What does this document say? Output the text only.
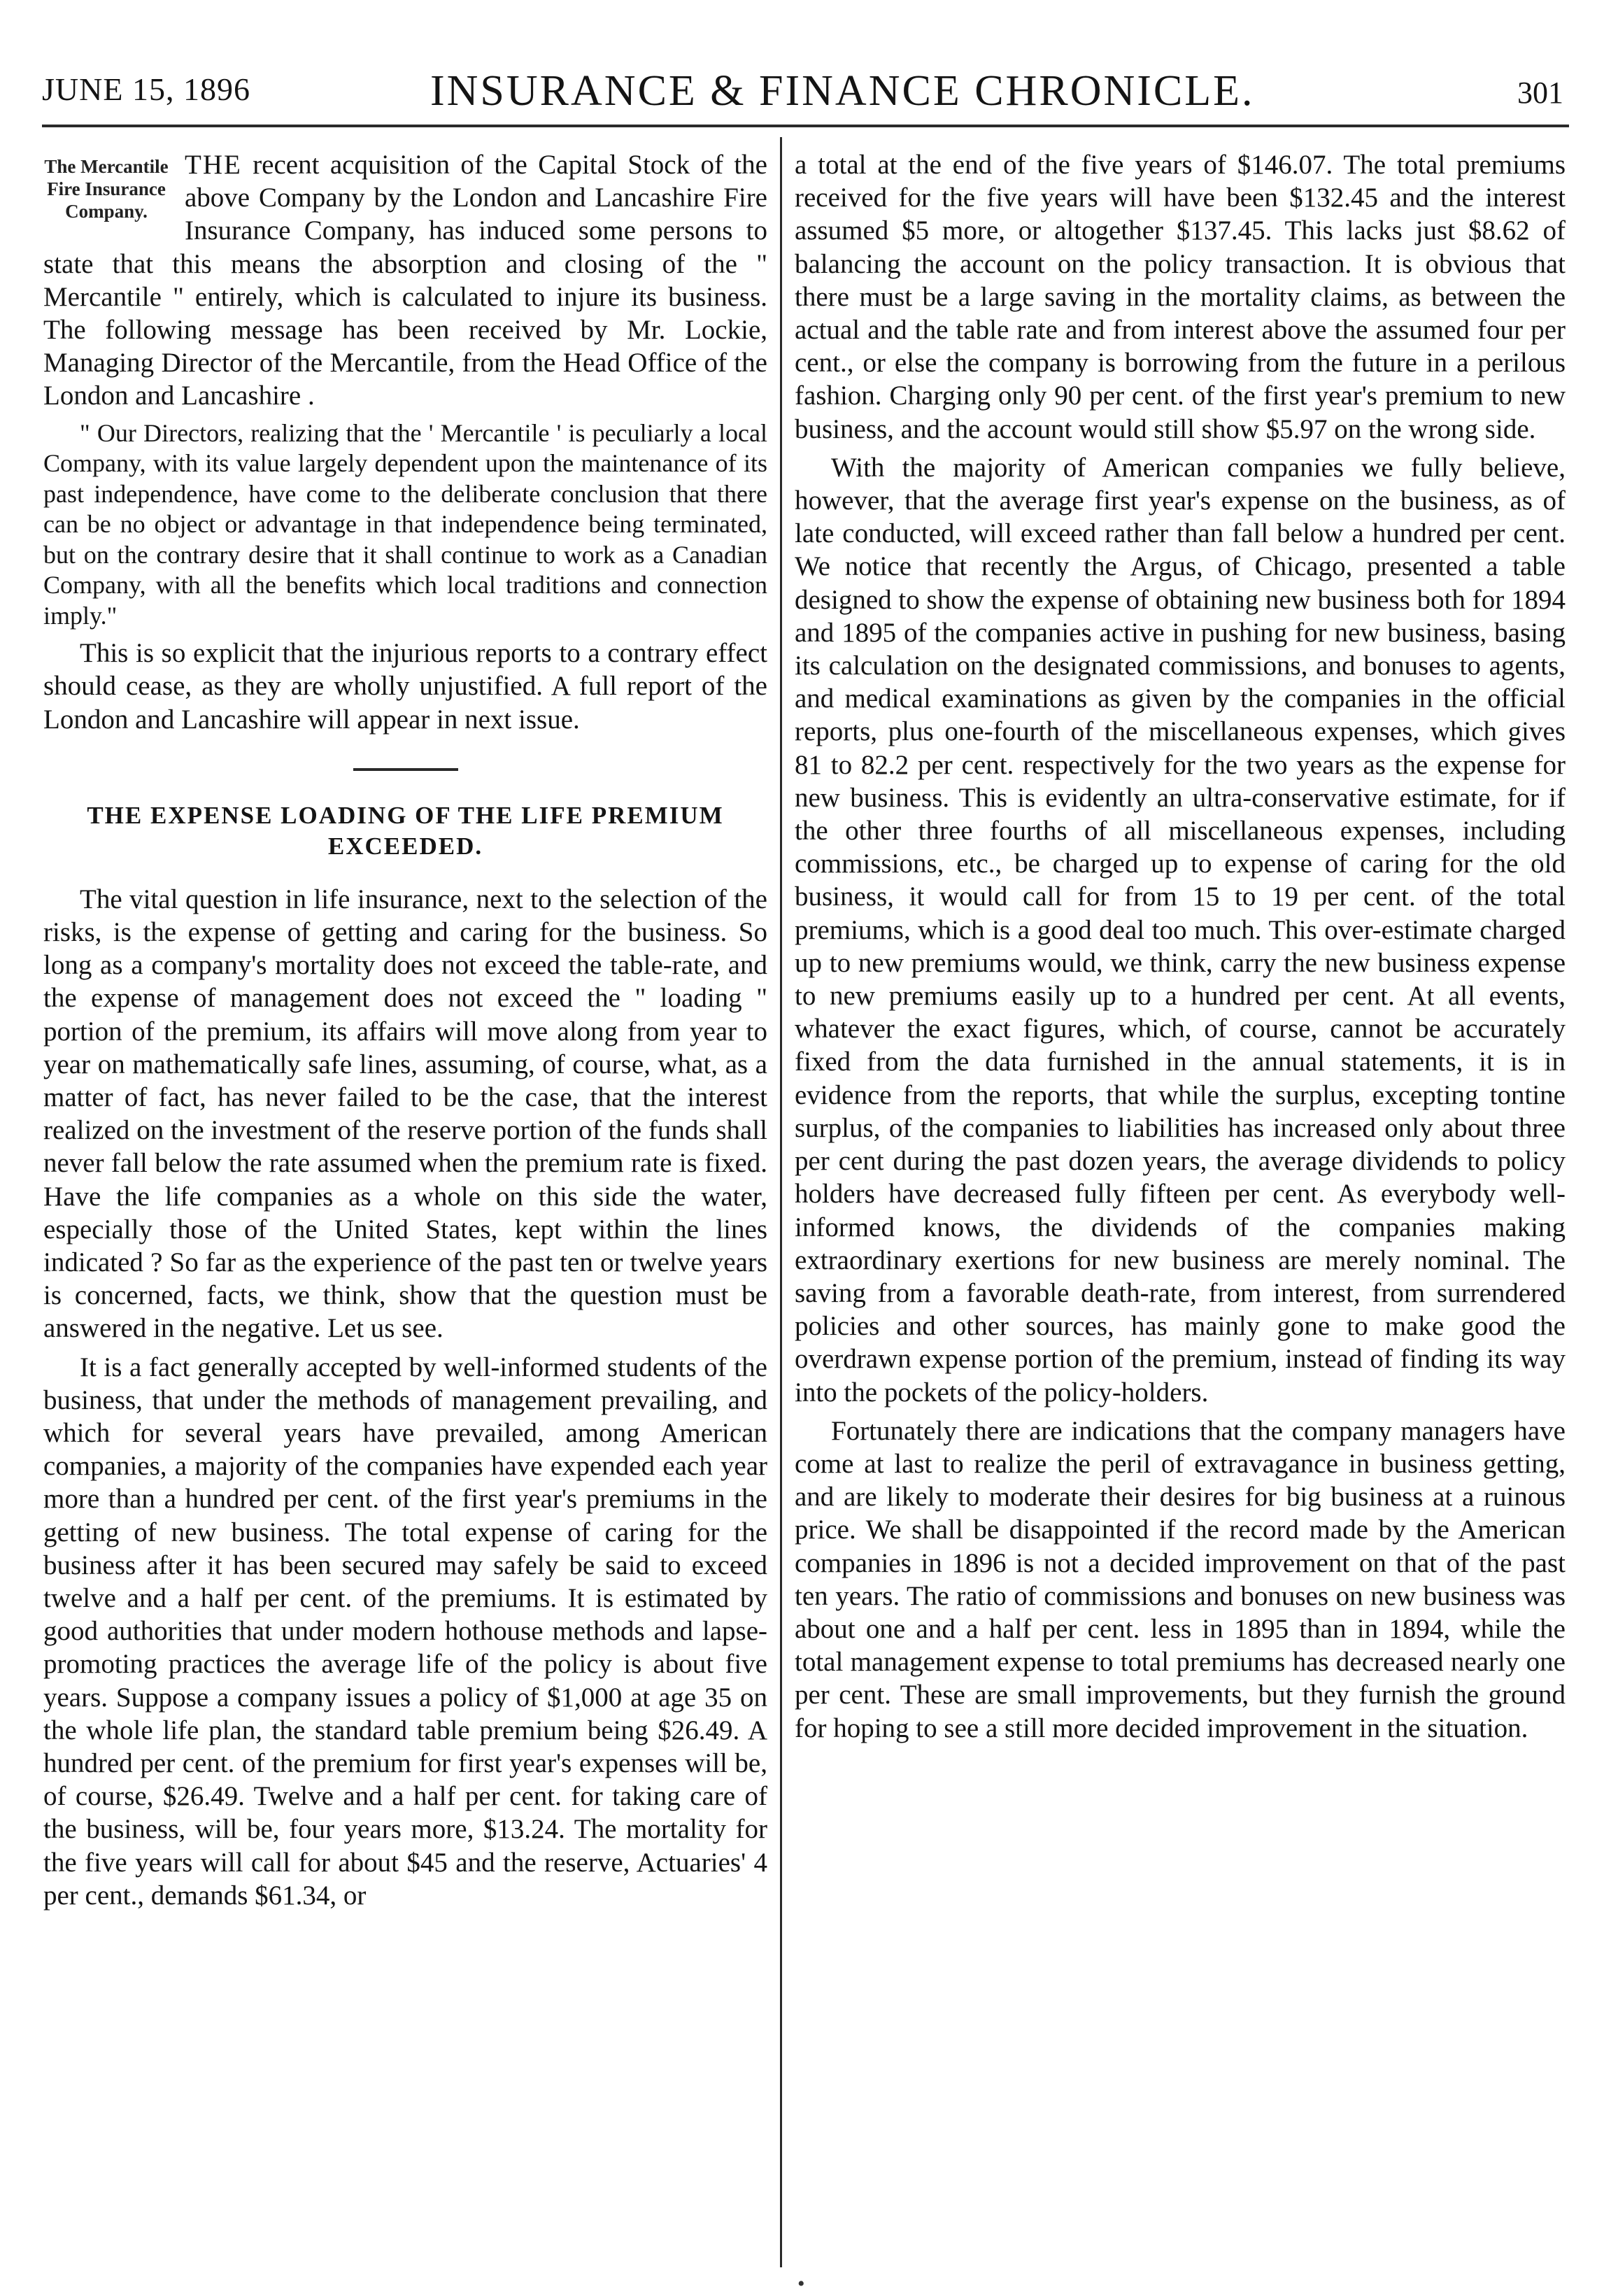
JUNE 15, 1896	INSURANCE & FINANCE CHRONICLE.	301
The Mercantile Fire Insurance Company.

THE recent acquisition of the Capital Stock of the above Company by the London and Lancashire Fire Insurance Company, has induced some persons to state that this means the absorption and closing of the " Mercantile " entirely, which is calculated to injure its business. The following message has been received by Mr. Lockie, Managing Director of the Mercantile, from the Head Office of the London and Lancashire .

" Our Directors, realizing that the ' Mercantile ' is peculiarly a local Company, with its value largely dependent upon the maintenance of its past independence, have come to the deliberate conclusion that there can be no object or advantage in that independence being terminated, but on the contrary desire that it shall continue to work as a Canadian Company, with all the benefits which local traditions and connection imply."

This is so explicit that the injurious reports to a contrary effect should cease, as they are wholly unjustified. A full report of the London and Lancashire will appear in next issue.

THE EXPENSE LOADING OF THE LIFE PREMIUM EXCEEDED.

The vital question in life insurance, next to the selection of the risks, is the expense of getting and caring for the business. So long as a company's mortality does not exceed the table-rate, and the expense of management does not exceed the " loading " portion of the premium, its affairs will move along from year to year on mathematically safe lines, assuming, of course, what, as a matter of fact, has never failed to be the case, that the interest realized on the investment of the reserve portion of the funds shall never fall below the rate assumed when the premium rate is fixed. Have the life companies as a whole on this side the water, especially those of the United States, kept within the lines indicated ? So far as the experience of the past ten or twelve years is concerned, facts, we think, show that the question must be answered in the negative. Let us see.

It is a fact generally accepted by well-informed students of the business, that under the methods of management prevailing, and which for several years have prevailed, among American companies, a majority of the companies have expended each year more than a hundred per cent. of the first year's premiums in the getting of new business. The total expense of caring for the business after it has been secured may safely be said to exceed twelve and a half per cent. of the premiums. It is estimated by good authorities that under modern hothouse methods and lapse-promoting practices the average life of the policy is about five years. Suppose a company issues a policy of $1,000 at age 35 on the whole life plan, the standard table premium being $26.49. A hundred per cent. of the premium for first year's expenses will be, of course, $26.49. Twelve and a half per cent. for taking care of the business, will be, four years more, $13.24. The mortality for the five years will call for about $45 and the reserve, Actuaries' 4 per cent., demands $61.34, or

a total at the end of the five years of $146.07. The total premiums received for the five years will have been $132.45 and the interest assumed $5 more, or altogether $137.45. This lacks just $8.62 of balancing the account on the policy transaction. It is obvious that there must be a large saving in the mortality claims, as between the actual and the table rate and from interest above the assumed four per cent., or else the company is borrowing from the future in a perilous fashion. Charging only 90 per cent. of the first year's premium to new business, and the account would still show $5.97 on the wrong side.

With the majority of American companies we fully believe, however, that the average first year's expense on the business, as of late conducted, will exceed rather than fall below a hundred per cent. We notice that recently the Argus, of Chicago, presented a table designed to show the expense of obtaining new business both for 1894 and 1895 of the companies active in pushing for new business, basing its calculation on the designated commissions, and bonuses to agents, and medical examinations as given by the companies in the official reports, plus one-fourth of the miscellaneous expenses, which gives 81 to 82.2 per cent. respectively for the two years as the expense for new business. This is evidently an ultra-conservative estimate, for if the other three fourths of all miscellaneous expenses, including commissions, etc., be charged up to expense of caring for the old business, it would call for from 15 to 19 per cent. of the total premiums, which is a good deal too much. This over-estimate charged up to new premiums would, we think, carry the new business expense to new premiums easily up to a hundred per cent. At all events, whatever the exact figures, which, of course, cannot be accurately fixed from the data furnished in the annual statements, it is in evidence from the reports, that while the surplus, excepting tontine surplus, of the companies to liabilities has increased only about three per cent during the past dozen years, the average dividends to policy holders have decreased fully fifteen per cent. As everybody well-informed knows, the dividends of the companies making extraordinary exertions for new business are merely nominal. The saving from a favorable death-rate, from interest, from surrendered policies and other sources, has mainly gone to make good the overdrawn expense portion of the premium, instead of finding its way into the pockets of the policy-holders.

Fortunately there are indications that the company managers have come at last to realize the peril of extravagance in business getting, and are likely to moderate their desires for big business at a ruinous price. We shall be disappointed if the record made by the American companies in 1896 is not a decided improvement on that of the past ten years. The ratio of commissions and bonuses on new business was about one and a half per cent. less in 1895 than in 1894, while the total management expense to total premiums has decreased nearly one per cent. These are small improvements, but they furnish the ground for hoping to see a still more decided improvement in the situation.

•
